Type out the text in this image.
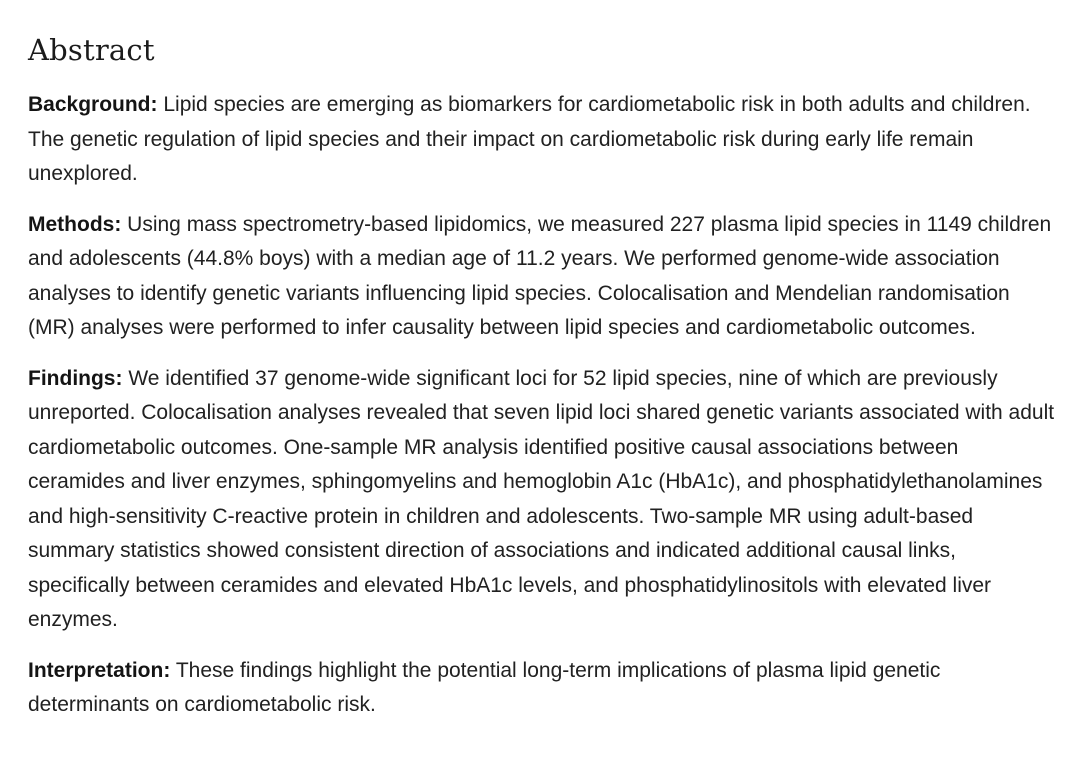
Abstract

Background: Lipid species are emerging as biomarkers for cardiometabolic risk in both adults and children. The genetic regulation of lipid species and their impact on cardiometabolic risk during early life remain unexplored.

Methods: Using mass spectrometry-based lipidomics, we measured 227 plasma lipid species in 1149 children and adolescents (44.8% boys) with a median age of 11.2 years. We performed genome-wide association analyses to identify genetic variants influencing lipid species. Colocalisation and Mendelian randomisation (MR) analyses were performed to infer causality between lipid species and cardiometabolic outcomes.

Findings: We identified 37 genome-wide significant loci for 52 lipid species, nine of which are previously unreported. Colocalisation analyses revealed that seven lipid loci shared genetic variants associated with adult cardiometabolic outcomes. One-sample MR analysis identified positive causal associations between ceramides and liver enzymes, sphingomyelins and hemoglobin A1c (HbA1c), and phosphatidylethanolamines and high-sensitivity C-reactive protein in children and adolescents. Two-sample MR using adult-based summary statistics showed consistent direction of associations and indicated additional causal links, specifically between ceramides and elevated HbA1c levels, and phosphatidylinositols with elevated liver enzymes.

Interpretation: These findings highlight the potential long-term implications of plasma lipid genetic determinants on cardiometabolic risk.
